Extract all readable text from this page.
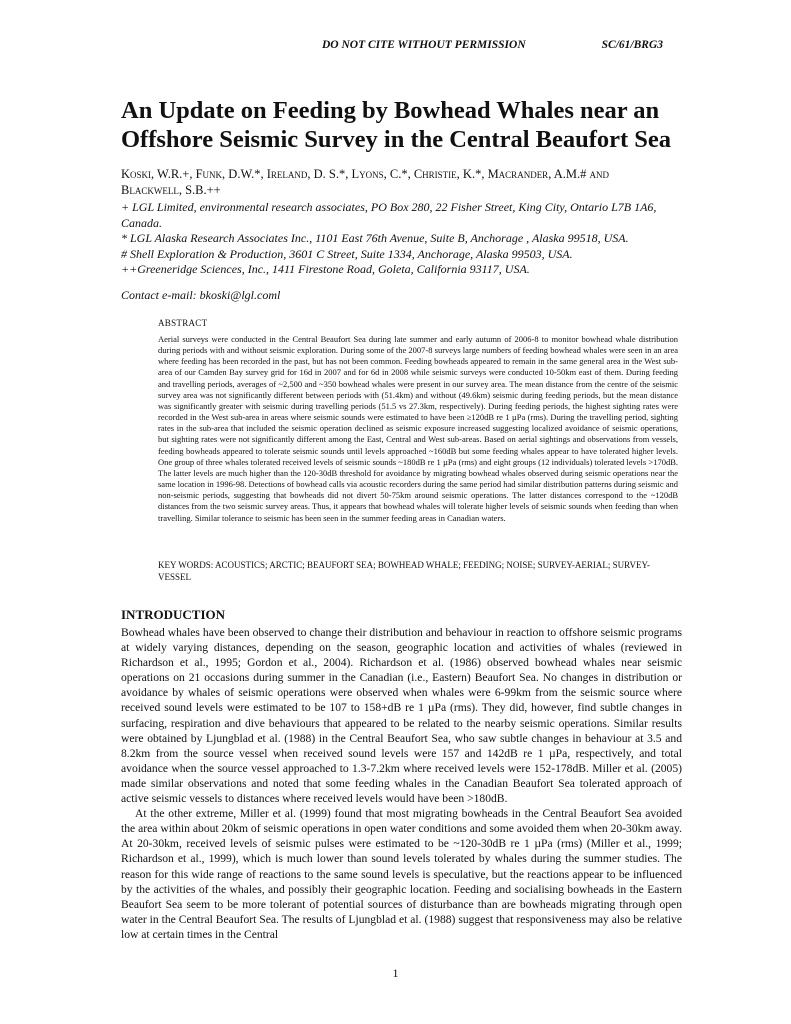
DO NOT CITE WITHOUT PERMISSION	SC/61/BRG3
An Update on Feeding by Bowhead Whales near an Offshore Seismic Survey in the Central Beaufort Sea
Koski, W.R.+, Funk, D.W.*, Ireland, D. S.*, Lyons, C.*, Christie, K.*, Macrander, A.M.# and Blackwell, S.B.++

+ LGL Limited, environmental research associates, PO Box 280, 22 Fisher Street, King City, Ontario L7B 1A6, Canada.

* LGL Alaska Research Associates Inc., 1101 East 76th Avenue, Suite B, Anchorage , Alaska 99518, USA.

# Shell Exploration & Production, 3601 C Street, Suite 1334, Anchorage, Alaska 99503, USA.

++Greeneridge Sciences, Inc., 1411 Firestone Road, Goleta, California 93117, USA.

Contact e-mail: bkoski@lgl.coml
ABSTRACT
Aerial surveys were conducted in the Central Beaufort Sea during late summer and early autumn of 2006-8 to monitor bowhead whale distribution during periods with and without seismic exploration. During some of the 2007-8 surveys large numbers of feeding bowhead whales were seen in an area where feeding has been recorded in the past, but has not been common. Feeding bowheads appeared to remain in the same general area in the West sub-area of our Camden Bay survey grid for 16d in 2007 and for 6d in 2008 while seismic surveys were conducted 10-50km east of them. During feeding and travelling periods, averages of ~2,500 and ~350 bowhead whales were present in our survey area. The mean distance from the centre of the seismic survey area was not significantly different between periods with (51.4km) and without (49.6km) seismic during feeding periods, but the mean distance was significantly greater with seismic during travelling periods (51.5 vs 27.3km, respectively). During feeding periods, the highest sighting rates were recorded in the West sub-area in areas where seismic sounds were estimated to have been ≥120dB re 1 µPa (rms). During the travelling period, sighting rates in the sub-area that included the seismic operation declined as seismic exposure increased suggesting localized avoidance of seismic operations, but sighting rates were not significantly different among the East, Central and West sub-areas. Based on aerial sightings and observations from vessels, feeding bowheads appeared to tolerate seismic sounds until levels approached ~160dB but some feeding whales appear to have tolerated higher levels. One group of three whales tolerated received levels of seismic sounds ~180dB re 1 µPa (rms) and eight groups (12 individuals) tolerated levels >170dB. The latter levels are much higher than the 120-30dB threshold for avoidance by migrating bowhead whales observed during seismic operations near the same location in 1996-98. Detections of bowhead calls via acoustic recorders during the same period had similar distribution patterns during seismic and non-seismic periods, suggesting that bowheads did not divert 50-75km around seismic operations. The latter distances correspond to the ~120dB distances from the two seismic survey areas. Thus, it appears that bowhead whales will tolerate higher levels of seismic sounds when feeding than when travelling. Similar tolerance to seismic has been seen in the summer feeding areas in Canadian waters.
KEY WORDS: ACOUSTICS; ARCTIC; BEAUFORT SEA; BOWHEAD WHALE; FEEDING; NOISE; SURVEY-AERIAL; SURVEY-VESSEL
INTRODUCTION

Bowhead whales have been observed to change their distribution and behaviour in reaction to offshore seismic programs at widely varying distances, depending on the season, geographic location and activities of whales (reviewed in Richardson et al., 1995; Gordon et al., 2004). Richardson et al. (1986) observed bowhead whales near seismic operations on 21 occasions during summer in the Canadian (i.e., Eastern) Beaufort Sea. No changes in distribution or avoidance by whales of seismic operations were observed when whales were 6-99km from the seismic source where received sound levels were estimated to be 107 to 158+dB re 1 µPa (rms). They did, however, find subtle changes in surfacing, respiration and dive behaviours that appeared to be related to the nearby seismic operations. Similar results were obtained by Ljungblad et al. (1988) in the Central Beaufort Sea, who saw subtle changes in behaviour at 3.5 and 8.2km from the source vessel when received sound levels were 157 and 142dB re 1 µPa, respectively, and total avoidance when the source vessel approached to 1.3-7.2km where received levels were 152-178dB. Miller et al. (2005) made similar observations and noted that some feeding whales in the Canadian Beaufort Sea tolerated approach of active seismic vessels to distances where received levels would have been >180dB.

At the other extreme, Miller et al. (1999) found that most migrating bowheads in the Central Beaufort Sea avoided the area within about 20km of seismic operations in open water conditions and some avoided them when 20-30km away. At 20-30km, received levels of seismic pulses were estimated to be ~120-30dB re 1 µPa (rms) (Miller et al., 1999; Richardson et al., 1999), which is much lower than sound levels tolerated by whales during the summer studies. The reason for this wide range of reactions to the same sound levels is speculative, but the reactions appear to be influenced by the activities of the whales, and possibly their geographic location. Feeding and socialising bowheads in the Eastern Beaufort Sea seem to be more tolerant of potential sources of disturbance than are bowheads migrating through open water in the Central Beaufort Sea. The results of Ljungblad et al. (1988) suggest that responsiveness may also be relative low at certain times in the Central

1
